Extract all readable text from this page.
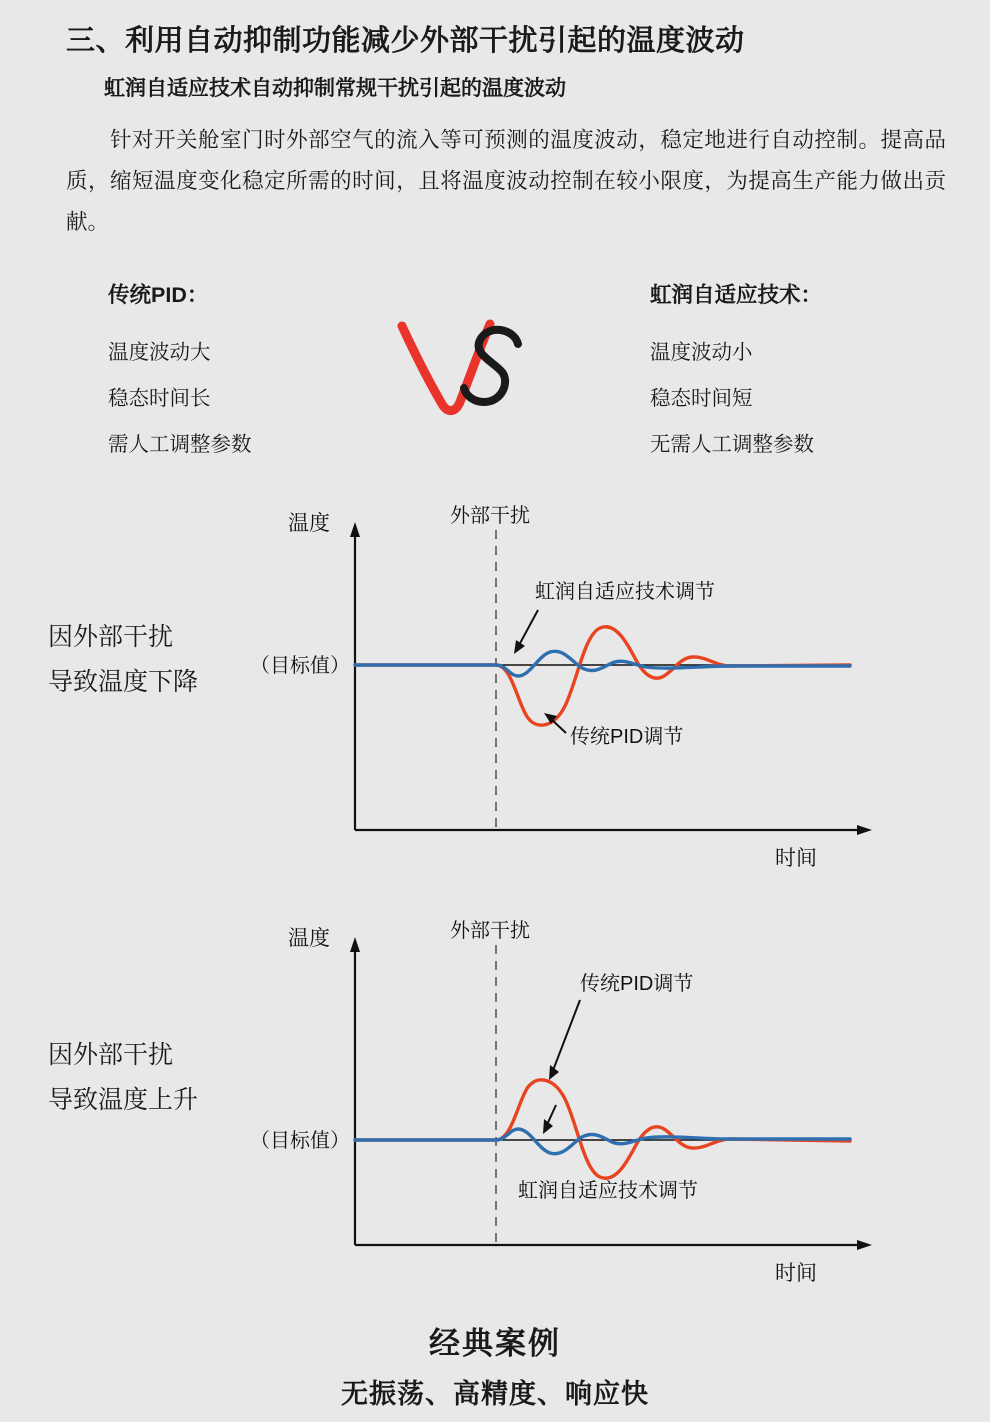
三、利用自动抑制功能减少外部干扰引起的温度波动
虹润自适应技术自动抑制常规干扰引起的温度波动
针对开关舱室门时外部空气的流入等可预测的温度波动，稳定地进行自动控制。提高品质，缩短温度变化稳定所需的时间，且将温度波动控制在较小限度，为提高生产能力做出贡献。
传统PID：
温度波动大
稳态时间长
需人工调整参数
虹润自适应技术：
温度波动小
稳态时间短
无需人工调整参数
因外部干扰
导致温度下降
温度
时间
（目标值）
外部干扰
虹润自适应技术调节
传统PID调节
因外部干扰
导致温度上升
温度
时间
（目标值）
外部干扰
传统PID调节
虹润自适应技术调节
经典案例
无振荡、高精度、响应快
